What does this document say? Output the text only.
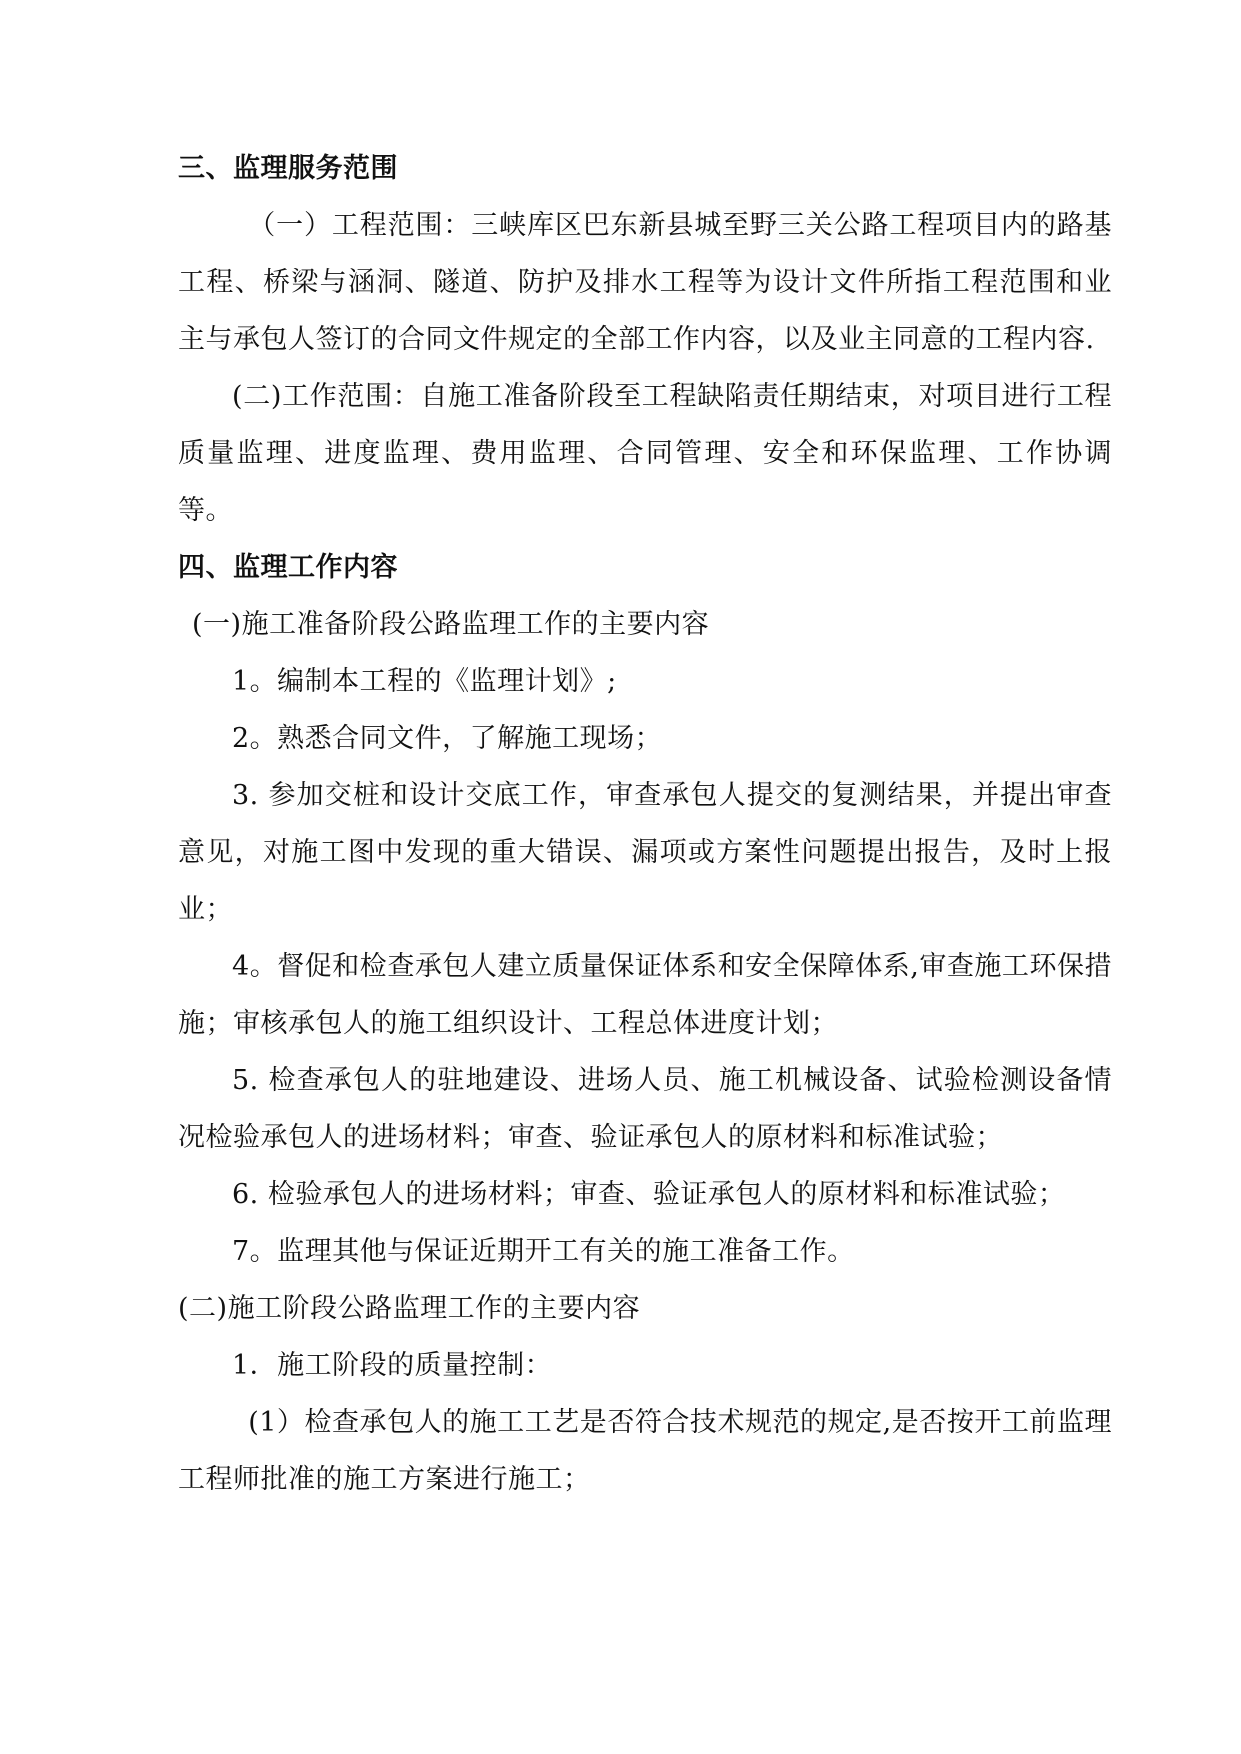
三、监理服务范围

（一）工程范围：三峡库区巴东新县城至野三关公路工程项目内的路基工程、桥梁与涵洞、隧道、防护及排水工程等为设计文件所指工程范围和业主与承包人签订的合同文件规定的全部工作内容，以及业主同意的工程内容.

(二)工作范围：自施工准备阶段至工程缺陷责任期结束，对项目进行工程质量监理、进度监理、费用监理、合同管理、安全和环保监理、工作协调等。

四、监理工作内容

(一)施工准备阶段公路监理工作的主要内容

1。编制本工程的《监理计划》;

2。熟悉合同文件，了解施工现场；

3. 参加交桩和设计交底工作，审查承包人提交的复测结果，并提出审查意见，对施工图中发现的重大错误、漏项或方案性问题提出报告，及时上报业；

4。督促和检查承包人建立质量保证体系和安全保障体系,审查施工环保措施；审核承包人的施工组织设计、工程总体进度计划；

5. 检查承包人的驻地建设、进场人员、施工机械设备、试验检测设备情况检验承包人的进场材料；审查、验证承包人的原材料和标准试验；

6. 检验承包人的进场材料；审查、验证承包人的原材料和标准试验；

7。监理其他与保证近期开工有关的施工准备工作。

(二)施工阶段公路监理工作的主要内容

1．施工阶段的质量控制：

(1）检查承包人的施工工艺是否符合技术规范的规定,是否按开工前监理工程师批准的施工方案进行施工；
